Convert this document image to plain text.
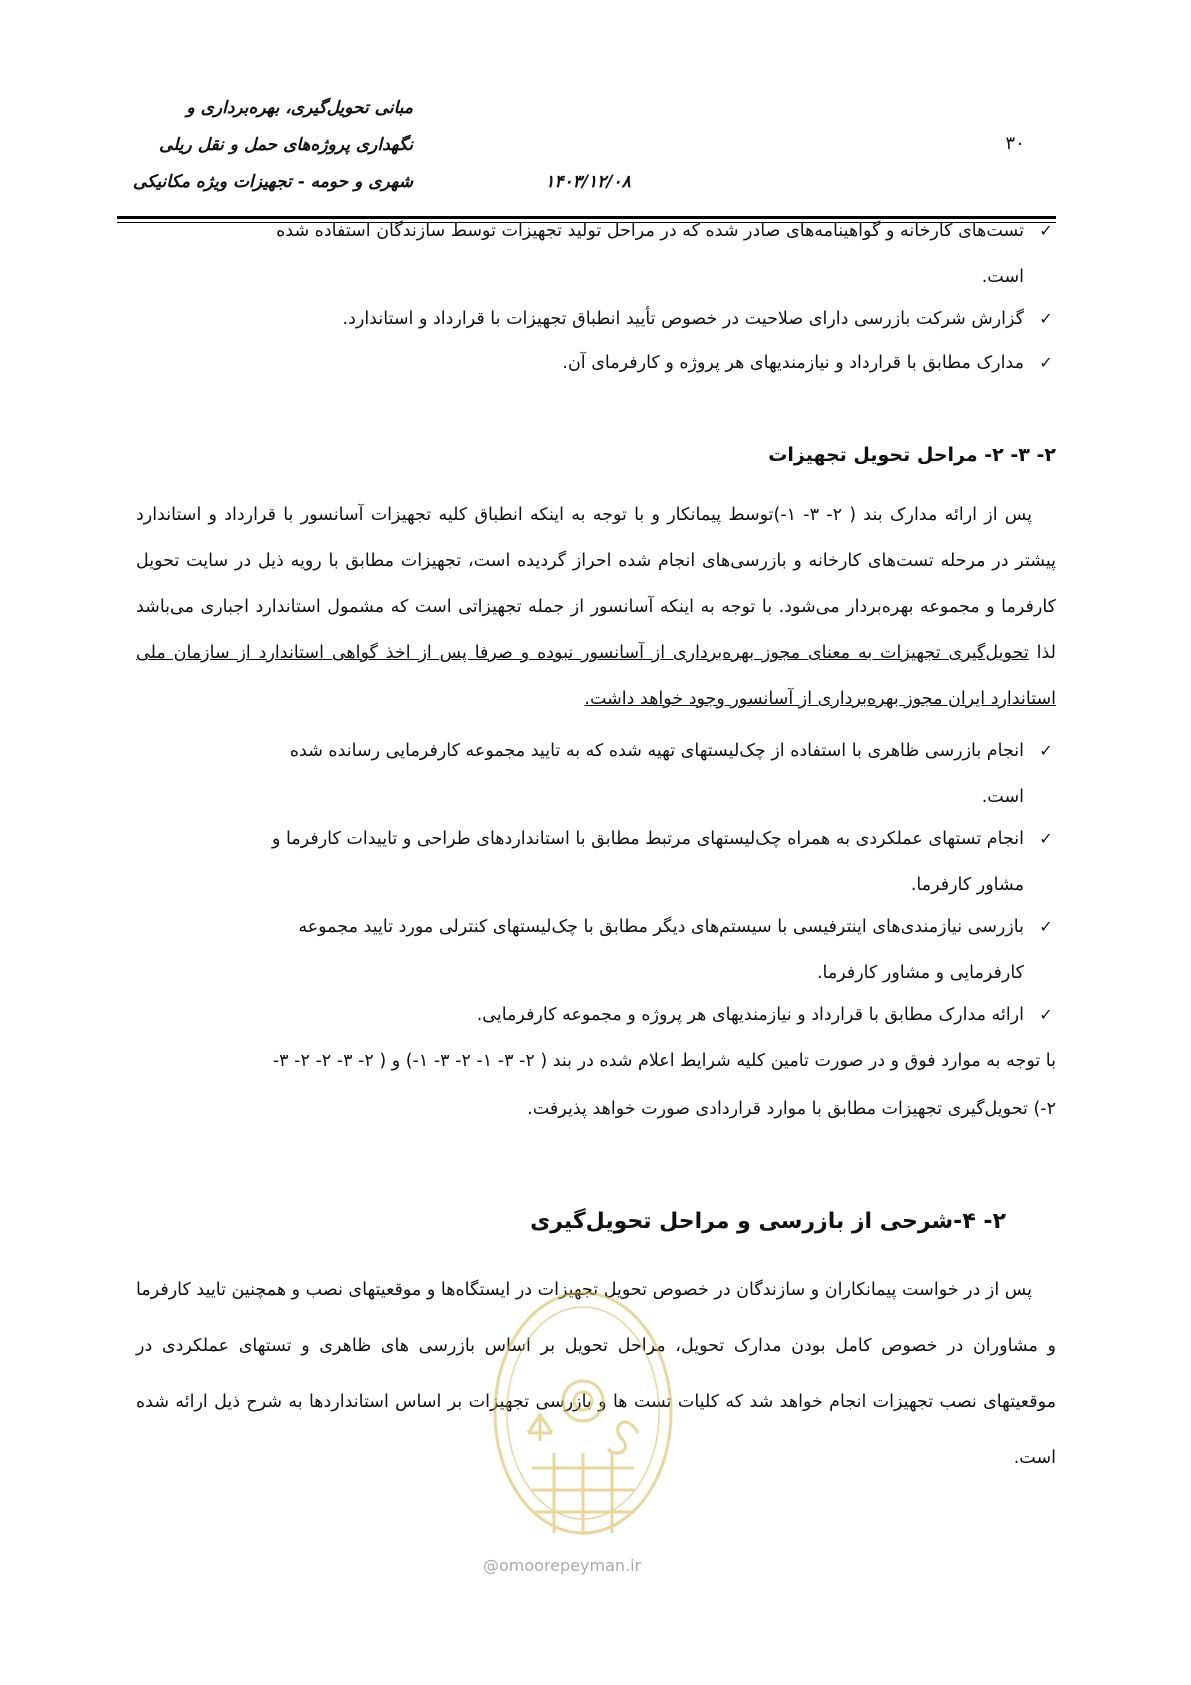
مبانی تحویل‌گیری، بهره‌برداری و
نگهداری پروژه‌های حمل و نقل ریلی
شهری و حومه - تجهیزات ویژه مکانیکی	۱۴۰۳/۱۲/۰۸
۳۰
✓
تست‌های کارخانه و گواهینامه‌های صادر شده که در مراحل تولید تجهیزات توسط سازندگان استفاده شده
است.
✓
گزارش شرکت بازرسی دارای صلاحیت در خصوص تأیید انطباق تجهیزات با قرارداد و استاندارد.
✓
مدارک مطابق با قرارداد و نیازمندیهای هر پروژه و کارفرمای آن.
۲- ۳- ۲- مراحل تحویل تجهیزات
پس از ارائه مدارک بند ( ۲- ۳- ۱-)توسط پیمانکار و با توجه به اینکه انطباق کلیه تجهیزات آسانسور با قرارداد و استاندارد پیشتر در مرحله تست‌های کارخانه و بازرسی‌های انجام شده احراز گردیده است، تجهیزات مطابق با رویه ذیل در سایت تحویل کارفرما و مجموعه بهره‌بردار می‌شود. با توجه به اینکه آسانسور از جمله تجهیزاتی است که مشمول استاندارد اجباری می‌باشد لذا تحویل‌گیری تجهیزات به معنای مجوز بهره‌برداری از آسانسور نبوده و صرفا پس از اخذ گواهی استاندارد از سازمان ملی استاندارد ایران مجوز بهره‌برداری از آسانسور وجود خواهد داشت.
✓
انجام بازرسی ظاهری با استفاده از چک‌لیستهای تهیه شده که به تایید مجموعه کارفرمایی رسانده شده
است.
✓
انجام تستهای عملکردی به همراه چک‌لیستهای مرتبط مطابق با استانداردهای طراحی و تاییدات کارفرما و
مشاور کارفرما.
✓
بازرسی نیازمندی‌های اینترفیسی با سیستم‌های دیگر مطابق با چک‌لیستهای کنترلی مورد تایید مجموعه
کارفرمایی و مشاور کارفرما.
✓
ارائه مدارک مطابق با قرارداد و نیازمندیهای هر پروژه و مجموعه کارفرمایی.
با توجه به موارد فوق و در صورت تامین کلیه شرایط اعلام شده در بند ( ۲- ۳- ۱- ۲- ۳- ۱-) و ( ۲- ۳- ۲- ۲- ۳-
۲-) تحویل‌گیری تجهیزات مطابق با موارد قراردادی صورت خواهد پذیرفت.
۲- ۴-شرحی از بازرسی و مراحل تحویل‌گیری
پس از در خواست پیمانکاران و سازندگان در خصوص تحویل تجهیزات در ایستگاه‌ها و موقعیتهای نصب و همچنین تایید کارفرما و مشاوران در خصوص کامل بودن مدارک تحویل، مراحل تحویل بر اساس بازرسی های ظاهری و تستهای عملکردی در موقعیتهای نصب تجهیزات انجام خواهد شد که کلیات تست ها و بازرسی تجهیزات بر اساس استانداردها به شرح ذیل ارائه شده است.
@omoorepeyman.ir
